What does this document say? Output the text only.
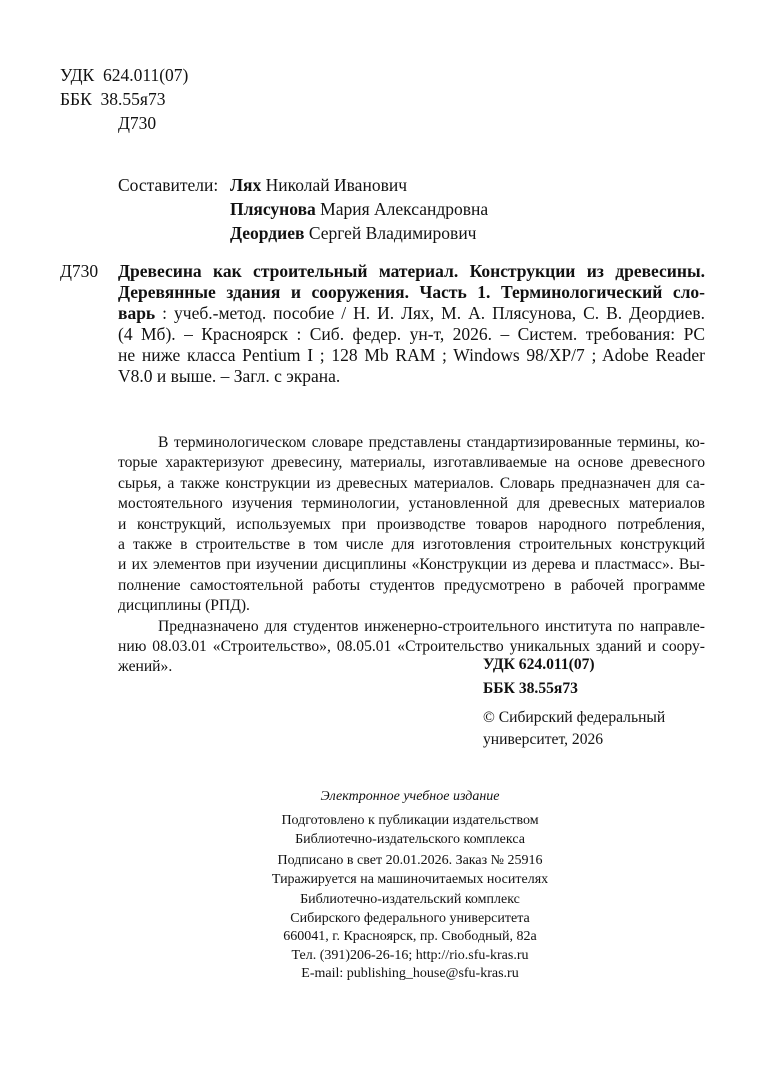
УДК 624.011(07)
ББК 38.55я73
Д730
Составители: Лях Николай Иванович
Плясунова Мария Александровна
Деордиев Сергей Владимирович
Д730 Древесина как строительный материал. Конструкции из древесины.
Деревянные здания и сооружения. Часть 1. Терминологический сло-
варь : учеб.-метод. пособие / Н. И. Лях, М. А. Плясунова, С. В. Деордиев.
(4 Мб). – Красноярск : Сиб. федер. ун-т, 2026. – Систем. требования: PC
не ниже класса Pentium I ; 128 Mb RAM ; Windows 98/XP/7 ; Adobe Reader
V8.0 и выше. – Загл. с экрана.
В терминологическом словаре представлены стандартизированные термины, ко-
торые характеризуют древесину, материалы, изготавливаемые на основе древесного
сырья, а также конструкции из древесных материалов. Словарь предназначен для са-
мостоятельного изучения терминологии, установленной для древесных материалов
и конструкций, используемых при производстве товаров народного потребления,
а также в строительстве в том числе для изготовления строительных конструкций
и их элементов при изучении дисциплины «Конструкции из дерева и пластмасс». Вы-
полнение самостоятельной работы студентов предусмотрено в рабочей программе
дисциплины (РПД).
Предназначено для студентов инженерно-строительного института по направле-
нию 08.03.01 «Строительство», 08.05.01 «Строительство уникальных зданий и соору-
жений».	УДК 624.011(07)
ББК 38.55я73
© Сибирский федеральный
университет, 2026
Электронное учебное издание
Подготовлено к публикации издательством
Библиотечно-издательского комплекса
Подписано в свет 20.01.2026. Заказ № 25916
Тиражируется на машиночитаемых носителях
Библиотечно-издательский комплекс
Сибирского федерального университета
660041, г. Красноярск, пр. Свободный, 82а
Тел. (391)206-26-16; http://rio.sfu-kras.ru
E-mail: publishing_house@sfu-kras.ru
